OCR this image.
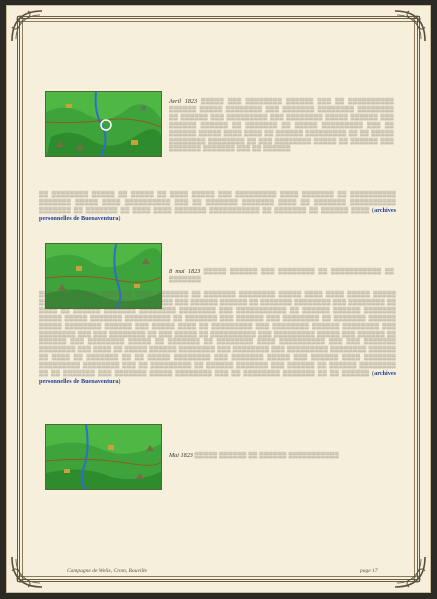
Avril 1823 ▒▒▒▒▒ ▒▒▒ ▒▒▒▒▒▒▒▒ ▒▒▒▒▒▒ ▒▒▒ ▒▒ ▒▒▒▒▒▒▒▒▒▒ ▒▒▒▒▒▒ ▒▒▒▒▒ ▒▒▒▒▒▒▒▒ ▒▒▒ ▒▒▒▒▒▒▒ ▒▒▒▒▒▒▒▒ ▒▒▒▒▒▒▒▒ ▒▒ ▒▒▒▒▒▒ ▒▒▒ ▒▒▒▒▒▒▒▒▒ ▒▒▒ ▒▒▒▒▒▒▒▒ ▒▒▒▒▒ ▒▒▒▒▒▒ ▒▒▒ ▒▒▒▒▒▒ ▒▒▒▒▒▒ ▒▒ ▒▒▒▒▒▒▒ ▒▒ ▒▒▒▒▒ ▒▒▒▒▒▒▒▒▒ ▒▒▒ ▒▒ ▒▒▒▒▒▒ ▒▒▒▒▒ ▒▒▒▒ ▒▒▒▒ ▒▒ ▒▒▒▒▒▒ ▒▒▒▒▒▒▒▒▒ ▒▒ ▒▒ ▒▒▒▒▒ ▒▒▒▒▒▒▒▒ ▒▒▒▒▒▒▒▒ ▒▒ ▒▒▒ ▒▒▒▒▒▒▒▒ ▒▒▒▒▒ ▒▒ ▒▒▒▒▒▒ ▒▒▒ ▒▒▒▒▒▒▒ ▒▒▒▒▒▒▒ ▒▒▒ ▒▒ ▒▒▒▒▒▒

▒▒ ▒▒▒▒▒▒▒▒ ▒▒▒▒▒ ▒▒ ▒▒▒▒▒ ▒▒ ▒▒▒▒ ▒▒▒▒▒ ▒▒▒ ▒▒▒▒▒▒▒▒▒ ▒▒▒▒ ▒▒▒▒▒▒▒ ▒▒ ▒▒▒▒▒▒▒▒▒▒ ▒▒▒▒▒▒▒ ▒▒▒▒▒ ▒▒▒▒ ▒▒▒▒▒▒▒▒▒▒ ▒▒▒ ▒▒ ▒▒▒▒▒▒▒ ▒▒▒▒▒▒▒ ▒▒▒▒ ▒▒ ▒▒▒▒▒▒▒ ▒▒▒▒▒▒▒▒▒▒ ▒▒▒▒▒▒▒ ▒▒ ▒▒▒▒▒▒▒ ▒▒ ▒▒▒▒ ▒▒▒▒ ▒▒▒▒▒▒▒ ▒▒▒▒▒▒▒▒▒▒▒ ▒▒ ▒▒▒▒▒▒▒ ▒▒ ▒▒▒▒▒▒ ▒▒▒▒ (archives personnelles de Buenaventura)

8 mai 1823 ▒▒▒▒▒ ▒▒▒▒▒▒ ▒▒▒ ▒▒▒▒▒▒▒▒ ▒▒ ▒▒▒▒▒▒▒▒▒▒▒ ▒▒ ▒▒▒▒▒▒▒

▒▒▒ ▒▒▒▒▒▒▒▒▒ ▒▒▒▒▒▒▒ ▒▒▒▒ ▒▒▒▒▒▒▒ ▒▒ ▒▒▒▒▒▒▒ ▒▒▒▒▒▒▒▒ ▒▒▒▒▒ ▒▒▒▒ ▒▒▒▒ ▒▒▒▒▒ ▒▒▒▒▒ ▒▒▒▒▒▒▒▒▒ ▒▒ ▒▒▒▒▒▒▒▒▒▒ ▒▒▒▒▒▒▒ ▒▒▒ ▒▒▒▒▒▒ ▒▒▒▒▒▒ ▒▒ ▒▒▒▒▒▒▒ ▒▒▒▒▒▒▒▒ ▒▒▒ ▒▒▒▒▒▒▒▒ ▒▒ ▒▒▒▒ ▒▒ ▒▒▒▒▒▒ ▒▒▒▒▒▒▒ ▒▒▒▒▒▒▒▒ ▒▒▒▒▒▒▒▒ ▒▒▒ ▒▒▒▒▒▒▒▒▒▒▒ ▒▒ ▒▒▒▒▒▒ ▒▒▒▒▒▒ ▒▒▒▒▒▒▒ ▒▒▒▒▒ ▒▒▒▒▒ ▒▒▒▒▒▒▒ ▒▒▒▒▒▒▒▒▒▒ ▒▒ ▒▒▒▒▒▒▒ ▒▒▒ ▒▒▒▒▒▒ ▒▒▒ ▒▒▒▒▒▒▒▒ ▒▒ ▒▒▒▒▒▒▒ ▒▒▒▒▒▒ ▒▒▒▒▒ ▒▒▒▒▒▒▒▒ ▒▒▒▒▒▒ ▒▒▒ ▒▒▒▒▒ ▒▒▒▒ ▒▒ ▒▒▒▒▒▒▒▒▒ ▒▒▒ ▒▒▒▒▒▒▒▒ ▒▒▒▒▒▒ ▒▒▒▒▒▒▒▒ ▒▒▒ ▒▒▒▒▒▒▒▒ ▒▒▒ ▒▒▒ ▒▒▒▒▒▒▒▒ ▒▒ ▒▒▒ ▒▒▒▒▒ ▒▒ ▒▒▒▒▒▒▒▒▒▒ ▒▒▒ ▒▒▒▒▒▒▒▒▒ ▒▒▒▒▒ ▒▒▒ ▒▒▒▒▒▒ ▒▒ ▒▒▒▒▒▒ ▒▒▒ ▒▒▒▒▒▒▒▒ ▒▒▒▒▒ ▒▒ ▒▒▒▒▒▒▒ ▒▒ ▒▒▒▒▒▒▒▒ ▒▒▒▒ ▒▒▒▒▒▒▒▒▒▒ ▒▒▒ ▒▒▒ ▒▒▒▒▒▒▒ ▒▒▒▒▒▒▒▒ ▒▒▒ ▒▒▒▒ ▒▒ ▒▒▒▒▒ ▒▒▒▒▒▒ ▒▒▒▒▒▒▒▒ ▒▒▒ ▒▒▒▒▒▒▒▒ ▒▒▒ ▒▒▒▒▒▒▒▒▒ ▒▒▒▒▒▒▒▒ ▒▒▒▒▒▒ ▒▒ ▒▒▒▒ ▒▒ ▒▒▒▒▒▒▒ ▒▒ ▒▒ ▒▒▒▒▒ ▒▒▒▒▒▒▒▒ ▒▒▒ ▒▒▒▒▒▒▒ ▒▒▒▒▒ ▒▒▒ ▒▒▒▒▒▒ ▒▒▒▒ ▒▒▒▒▒▒▒ ▒▒▒▒▒▒▒▒▒ ▒▒▒▒▒▒▒▒ ▒▒▒ ▒▒ ▒▒▒▒▒▒▒▒▒ ▒▒ ▒▒▒▒▒▒ ▒▒▒▒▒▒▒ ▒▒▒ ▒▒▒▒▒▒ ▒▒ ▒▒▒▒▒▒ ▒▒▒▒▒▒▒▒ ▒▒ ▒▒ ▒▒▒▒▒▒▒ ▒▒▒ ▒▒▒▒▒▒▒ ▒▒▒▒▒ ▒▒▒▒▒▒▒▒ ▒▒▒ ▒▒ ▒▒▒▒▒▒▒▒ ▒▒▒▒▒▒▒ ▒▒ ▒▒ ▒▒▒▒▒▒ (archives personnelles de Buenaventura)

Mai 1823 ▒▒▒▒▒ ▒▒▒▒▒▒ ▒▒ ▒▒▒▒▒▒ ▒▒▒▒▒▒▒▒▒▒▒

Campagne de Welix, Crom, Bauville	page 17
